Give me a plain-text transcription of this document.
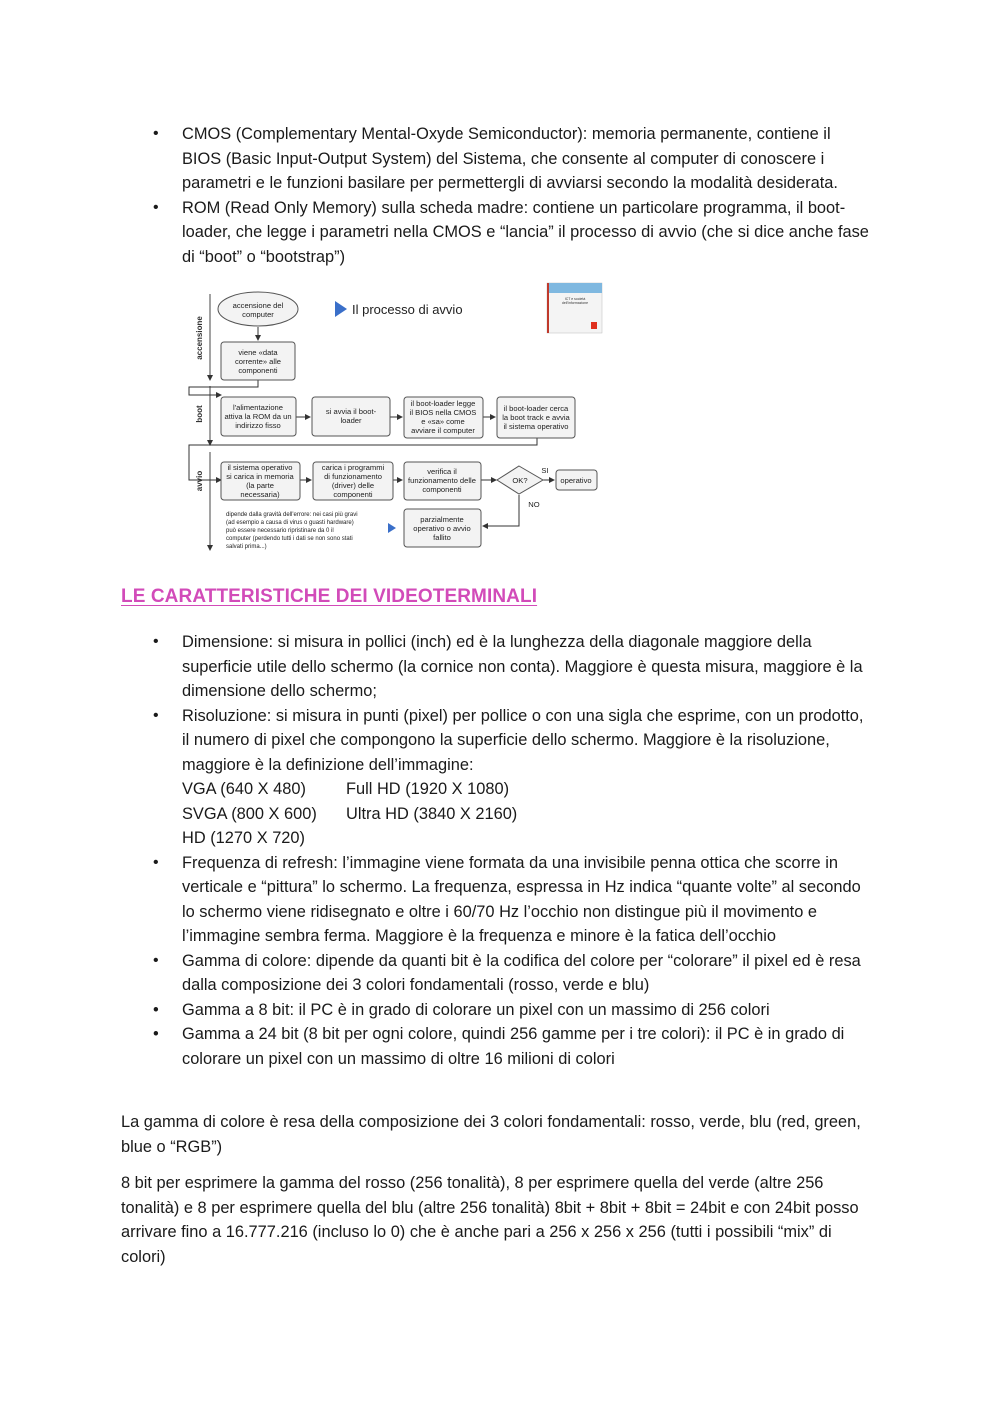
• CMOS (Complementary Mental-Oxyde Semiconductor): memoria permanente, contiene il BIOS (Basic Input-Output System) del Sistema, che consente al computer di conoscere i parametri e le funzioni basilare per permettergli di avviarsi secondo la modalità desiderata.
• ROM (Read Only Memory) sulla scheda madre: contiene un particolare programma, il boot-loader, che legge i parametri nella CMOS e “lancia” il processo di avvio (che si dice anche fase di “boot” o “bootstrap”)
accensione
boot
avvio
Il processo di avvio
ICT e società
dell'informazione
accensione del
computer
viene «data
corrente» alle
componenti
l'alimentazione
attiva la ROM da un
indirizzo fisso
si avvia il boot-
loader
il boot-loader legge
il BIOS nella CMOS
e «sa» come
avviare il computer
il boot-loader cerca
la boot track e avvia
il sistema operativo
il sistema operativo
si carica in memoria
(la parte
necessaria)
carica i programmi
di funzionamento
(driver) delle
componenti
verifica il
funzionamento delle
componenti
OK?
SI
NO
operativo
parzialmente
operativo o avvio
fallito
dipende dalla gravità dell'errore: nei casi più gravi
(ad esempio a causa di virus o guasti hardware)
può essere necessario ripristinare da 0 il
computer (perdendo tutti i dati se non sono stati
salvati prima...)
LE CARATTERISTICHE DEI VIDEOTERMINALI
• Dimensione: si misura in pollici (inch) ed è la lunghezza della diagonale maggiore della superficie utile dello schermo (la cornice non conta). Maggiore è questa misura, maggiore è la dimensione dello schermo;
• Risoluzione: si misura in punti (pixel) per pollice o con una sigla che esprime, con un prodotto, il numero di pixel che compongono la superficie dello schermo. Maggiore è la risoluzione, maggiore è la definizione dell’immagine:
VGA (640 X 480)	Full HD (1920 X 1080)
SVGA (800 X 600)	Ultra HD (3840 X 2160)
HD (1270 X 720)
• Frequenza di refresh: l’immagine viene formata da una invisibile penna ottica che scorre in verticale e “pittura” lo schermo. La frequenza, espressa in Hz indica “quante volte” al secondo lo schermo viene ridisegnato e oltre i 60/70 Hz l’occhio non distingue più il movimento e l’immagine sembra ferma. Maggiore è la frequenza e minore è la fatica dell’occhio
• Gamma di colore: dipende da quanti bit è la codifica del colore per “colorare” il pixel ed è resa dalla composizione dei 3 colori fondamentali (rosso, verde e blu)
• Gamma a 8 bit: il PC è in grado di colorare un pixel con un massimo di 256 colori
• Gamma a 24 bit (8 bit per ogni colore, quindi 256 gamme per i tre colori): il PC è in grado di colorare un pixel con un massimo di oltre 16 milioni di colori
La gamma di colore è resa della composizione dei 3 colori fondamentali: rosso, verde, blu (red, green, blue o “RGB”)
8 bit per esprimere la gamma del rosso (256 tonalità), 8 per esprimere quella del verde (altre 256 tonalità) e 8 per esprimere quella del blu (altre 256 tonalità) 8bit + 8bit + 8bit = 24bit e con 24bit posso arrivare fino a 16.777.216 (incluso lo 0) che è anche pari a 256 x 256 x 256 (tutti i possibili “mix” di colori)
